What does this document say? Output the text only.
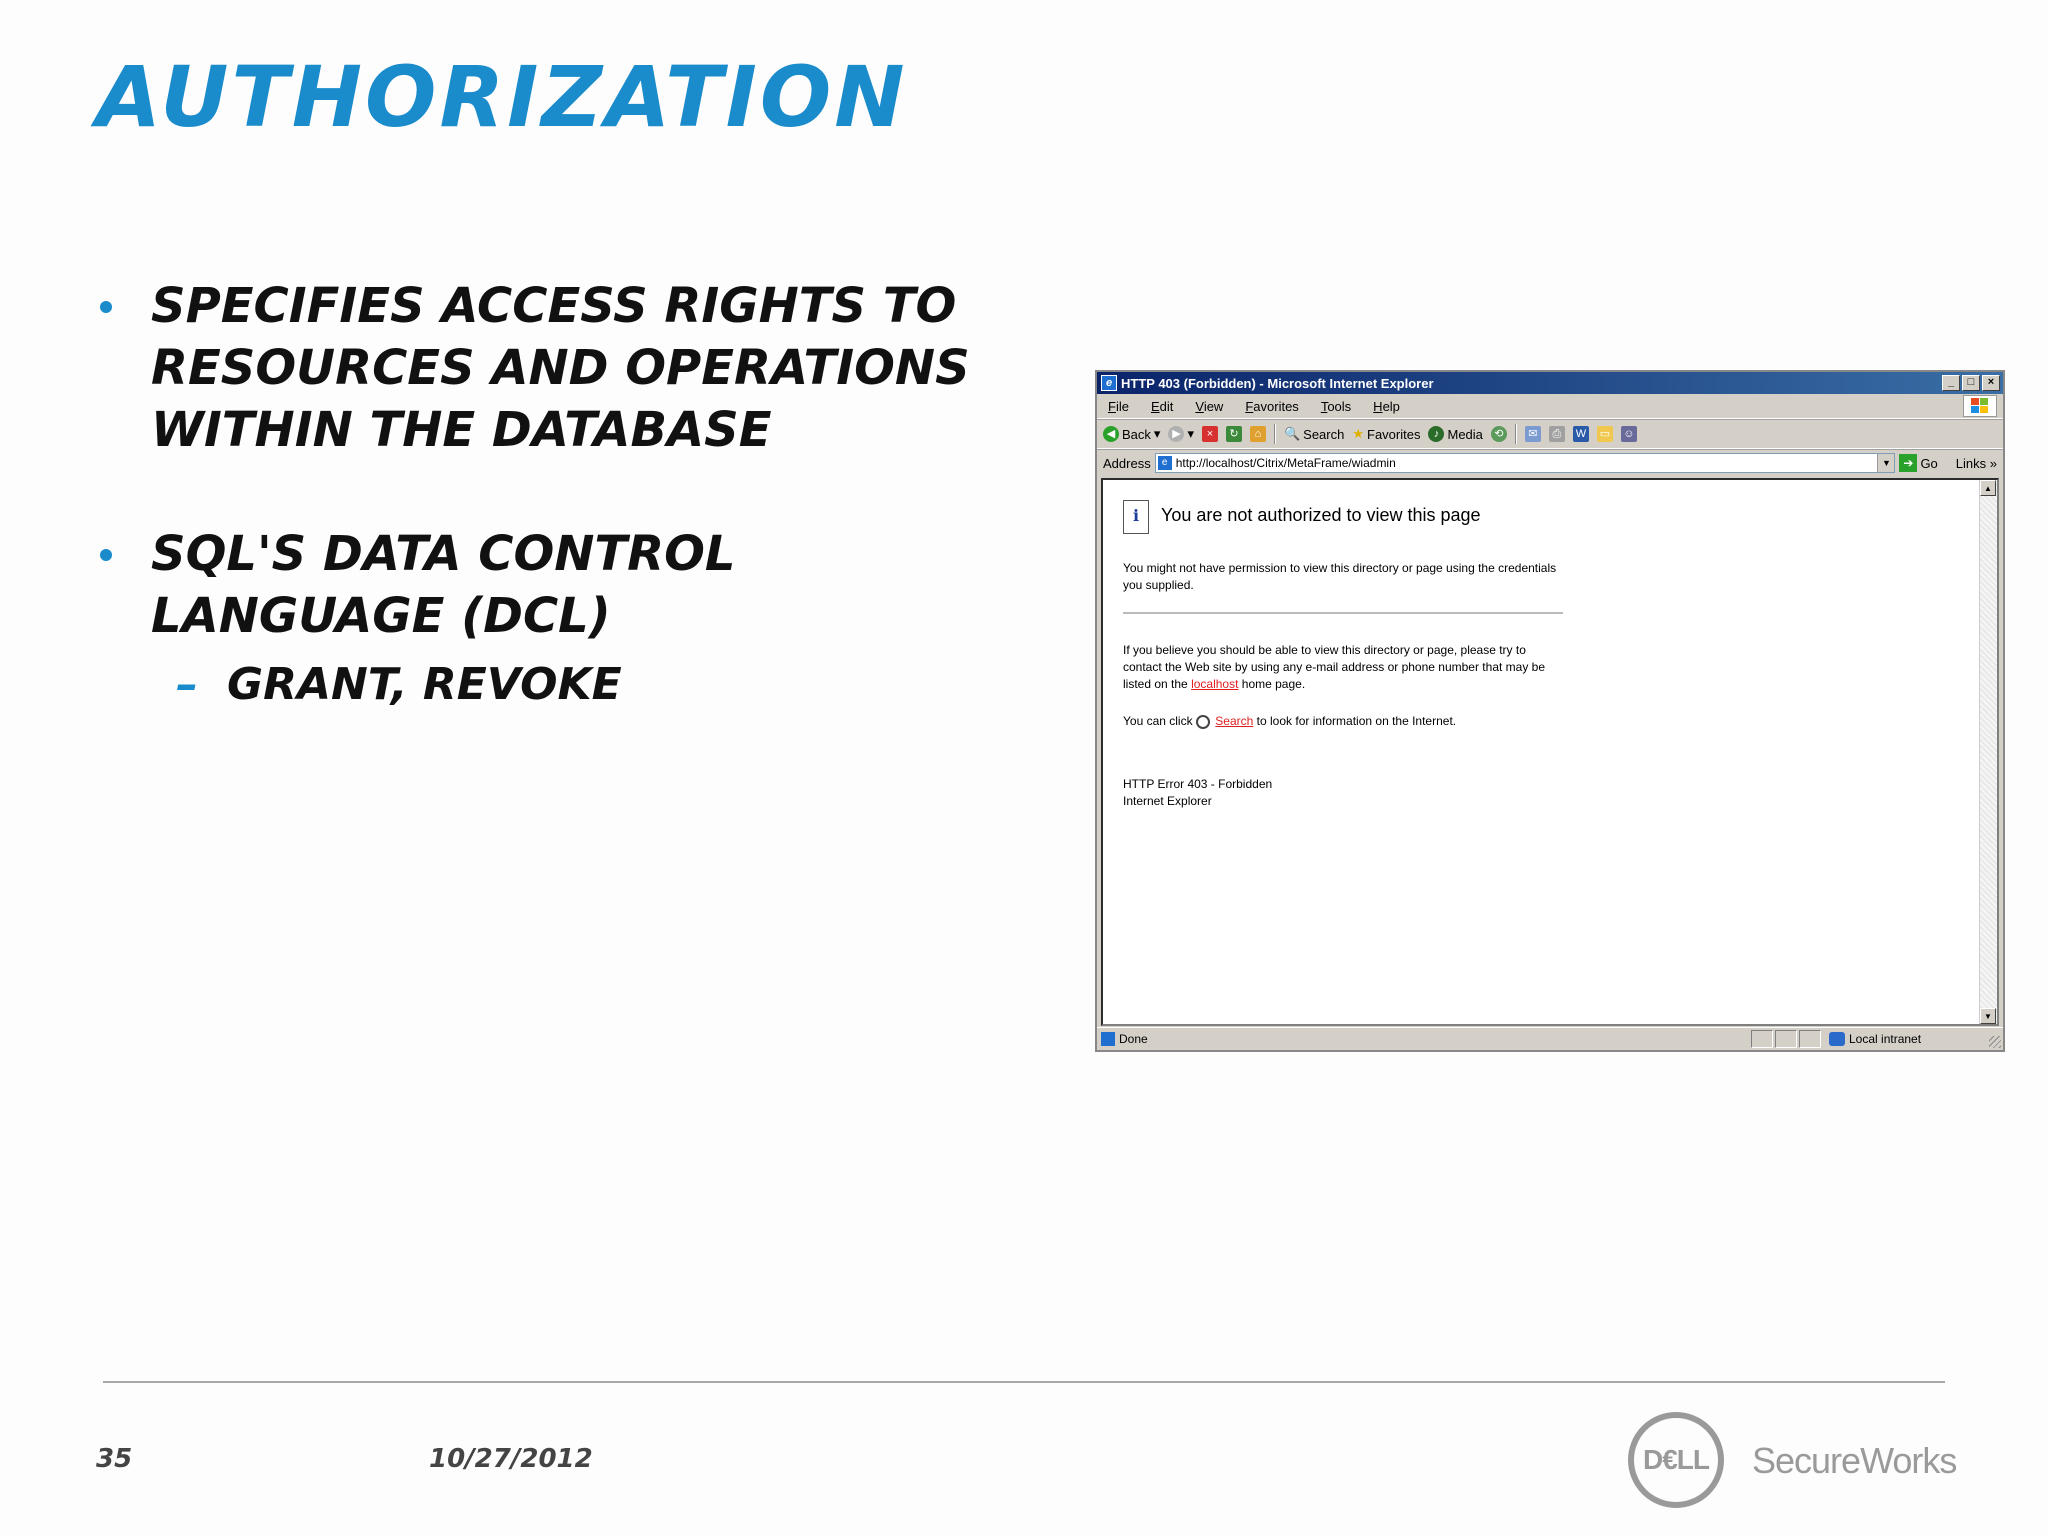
AUTHORIZATION
SPECIFIES ACCESS RIGHTS TO RESOURCES AND OPERATIONS WITHIN THE DATABASE
SQL'S DATA CONTROL LANGUAGE (DCL)
– GRANT, REVOKE
e HTTP 403 (Forbidden) - Microsoft Internet Explorer	_	□	×
File	Edit	View	Favorites	Tools	Help
◀ Back ▾	▶ ▾	×	↻	⌂	🔍 Search ★ Favorites	♪ Media	⟲	✉	⎙	W ▭ ☺
Address	e http://localhost/Citrix/MetaFrame/wiadmin	▼	➔ Go Links »
i You are not authorized to view this page

You might not have permission to view this directory or page using the credentials you supplied.

If you believe you should be able to view this directory or page, please try to contact the Web site by using any e-mail address or phone number that may be listed on the localhost home page.

You can click Search to look for information on the Internet.

HTTP Error 403 - Forbidden
Internet Explorer

▲
▼
Done	Local intranet
35	10/27/2012	D€LL	SecureWorks
